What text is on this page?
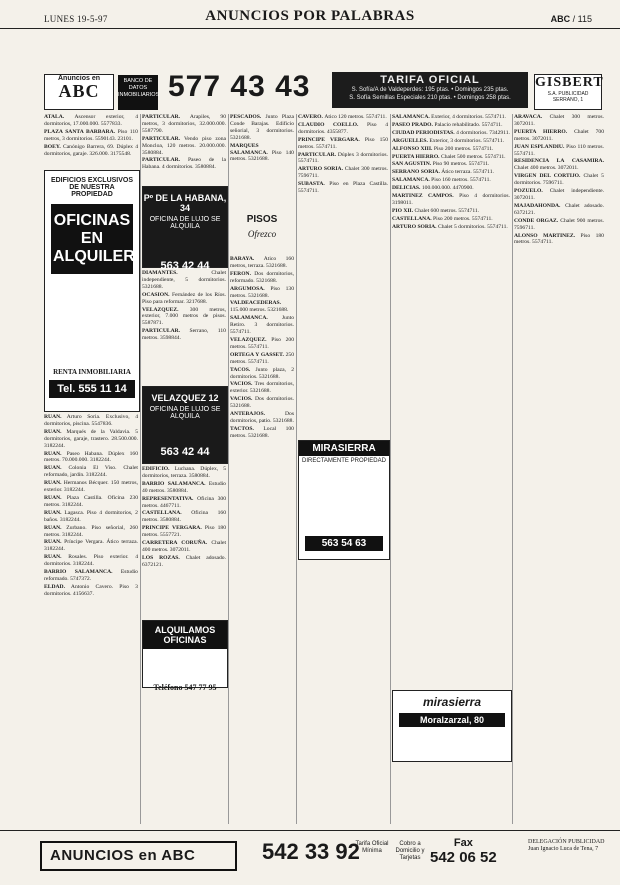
LUNES 19-5-97	ANUNCIOS POR PALABRAS	ABC / 115
Anuncios en
ABC	BANCO DE DATOS INMOBILIARIOS 577 43 43	TARIFA OFICIAL
S. Sofía/A de Valdeperdes: 195 ptas. • Domingos 235 ptas.
S. Sofía Semillas Especiales 210 ptas. • Domingos 258 ptas.
GISBERT
S.A. PUBLICIDAD SERRANO, 1

ATALA. Ascensor exterior, 4 dormitorios, 17.000.000. 5577833.

PLAZA SANTA BARBARA. Piso 110 metros, 3 dormitorios. 5590143. 23101.

BOEY. Canónigo Barrera, 69. Dúplex 4 dormitorios, garaje. 326.000. 3175548.

EDIFICIOS EXCLUSIVOS DE NUESTRA PROPIEDAD
OFICINAS EN ALQUILER
RENTA INMOBILIARIA
Tel. 555 11 14

RUAN. Arturo Soria. Exclusivo, 4 dormitorios, piscina. 5547836.

RUAN. Marqués de la Valdavia. 5 dormitorios, garaje, trastero. 28.500.000. 3182244.

RUAN. Paseo Habana. Dúplex 160 metros. 70.000.000. 3182244.

RUAN. Colonia El Viso. Chalet reformado, jardín. 3182244.

RUAN. Hermanos Bécquer. 150 metros, exterior. 3182244.

RUAN. Plaza Castilla. Oficina 230 metros. 3182244.

RUAN. Lagasca. Piso 4 dormitorios, 2 baños. 3182244.

RUAN. Zurbano. Piso señorial, 260 metros. 3182244.

RUAN. Príncipe Vergara. Ático terraza. 3182244.

RUAN. Rosales. Piso exterior. 4 dormitorios. 3182244.

BARRIO SALAMANCA. Estudio reformado. 5747372.

ELDAD. Antonio Cavero. Piso 3 dormitorios. 4156637.

PARTICULAR. Arapiles, 90 metros, 3 dormitorios, 32.000.000. 5587790.

PARTICULAR. Vendo piso zona Moncloa, 120 metros. 20.000.000. 3580884.

PARTICULAR. Paseo de la Habana. 4 dormitorios. 3580884.

Pº DE LA HABANA, 34
OFICINA DE LUJO SE ALQUILA
563 42 44

DIAMANTES.	Chalet independiente, 5 dormitorios. 5321688.

OCASION. Fernández de los Ríos. Piso para reformar. 3217688.

VELAZQUEZ. 300 metros, exterior, 7.000 metros de pisos. 5587871.

PARTICULAR. Serrano, 110 metros. 3598844.

VELAZQUEZ 12
OFICINA DE LUJO SE ALQUILA
563 42 44

EDIFICIO. Luchana. Dúplex, 5 dormitorios, terraza. 3580884.

BARRIO SALAMANCA. Estudio 40 metros. 3580884.

REPRESENTATIVA. Oficina 300 metros. 4467711.

CASTELLANA. Oficina 160 metros. 3580884.

PRINCIPE VERGARA. Piso 180 metros. 5557721.

CARRETERA CORUÑA. Chalet 400 metros. 3072011.

LOS ROZAS. Chalet adosado. 6372121.

ALQUILAMOS OFICINAS
Teléfono 547 77 95

PESCADOS. Junto Plaza Conde Barajas. Edificio señorial, 3 dormitorios. 5321688.

MARQUES SALAMANCA. Piso 140 metros. 5321688.

PISOS
Ofrezco

BARAYA. Ático 160 metros, terraza. 5321688.

FERON. Dos dormitorios, reformado. 5321688.

ARGUMOSA. Piso 130 metros. 5321688.

VALDEACEDERAS. 115.000 metros. 5321688.

SALAMANCA.	Junto Retiro. 3 dormitorios. 5574711.

VELAZQUEZ. Piso 200 metros. 5574711.

ORTEGA Y GASSET. 250 metros. 5574711.

TACOS. Junto plaza, 2 dormitorios. 5321688.

VACIOS. Tres dormitorios, exterior. 5321688.

VACIOS. Dos dormitorios. 5321688.

ANTEBAJOS.	Dos dormitorios, patio. 5321688.

TACTOS. Local 100 metros. 5321688.

CAVERO. Ático 120 metros. 5574711.

CLAUDIO COELLO. Piso 4 dormitorios. 4355877.

PRINCIPE VERGARA. Piso 150 metros. 5574711.

PARTICULAR. Dúplex 3 dormitorios. 5574711.

ARTURO SORIA. Chalet 300 metros. 7596711.

SUBASTA. Piso en Plaza Castilla. 5574711.

MIRASIERRA
DIRECTAMENTE PROPIEDAD
563 54 63

SALAMANCA. Exterior, 4 dormitorios. 5574711.

PASEO PRADO. Palacio rehabilitado. 5574711.

CIUDAD PERIODISTAS. 4 dormitorios. 7342911.

ARGUELLES. Exterior, 3 dormitorios. 5574711.

ALFONSO XIII. Piso 200 metros. 5574711.

PUERTA HIERRO. Chalet 500 metros. 5574711.

SAN AGUSTIN. Piso 90 metros. 5574711.

SERRANO SORIA. Ático terraza. 5574711.

SALAMANCA. Piso 160 metros. 5574711.

DELICIAS. 100.000.000. 4470900.

MARTINEZ CAMPOS. Piso 4 dormitorios. 3198011.

PIO XII. Chalet 600 metros. 5574711.

CASTELLANA. Piso 200 metros. 5574711.

ARTURO SORIA. Chalet 5 dormitorios. 5574711.

mirasierra
Moralzarzal, 80

ARAVACA. Chalet 300 metros. 3072011.

PUERTA HIERRO. Chalet 700 metros. 3072011.

JUAN ESPLANDIU. Piso 110 metros. 5574711.

RESIDENCIA LA CASAMIRA. Chalet 400 metros. 3072011.

VIRGEN DEL CORTIJO. Chalet 5 dormitorios. 7596711.

POZUELO. Chalet independiente. 3072011.

MAJADAHONDA. Chalet adosado. 6372121.

CONDE ORGAZ. Chalet 900 metros. 7596711.

ALONSO MARTINEZ. Piso 180 metros. 5574711.

ANUNCIOS en ABC	542 33 92
Tarifa Oficial Mínima
Cobro a Domicilio y Tarjetas
Fax
542 06 52
DELEGACIÓN PUBLICIDAD Juan Ignacio Luca de Tena, 7
